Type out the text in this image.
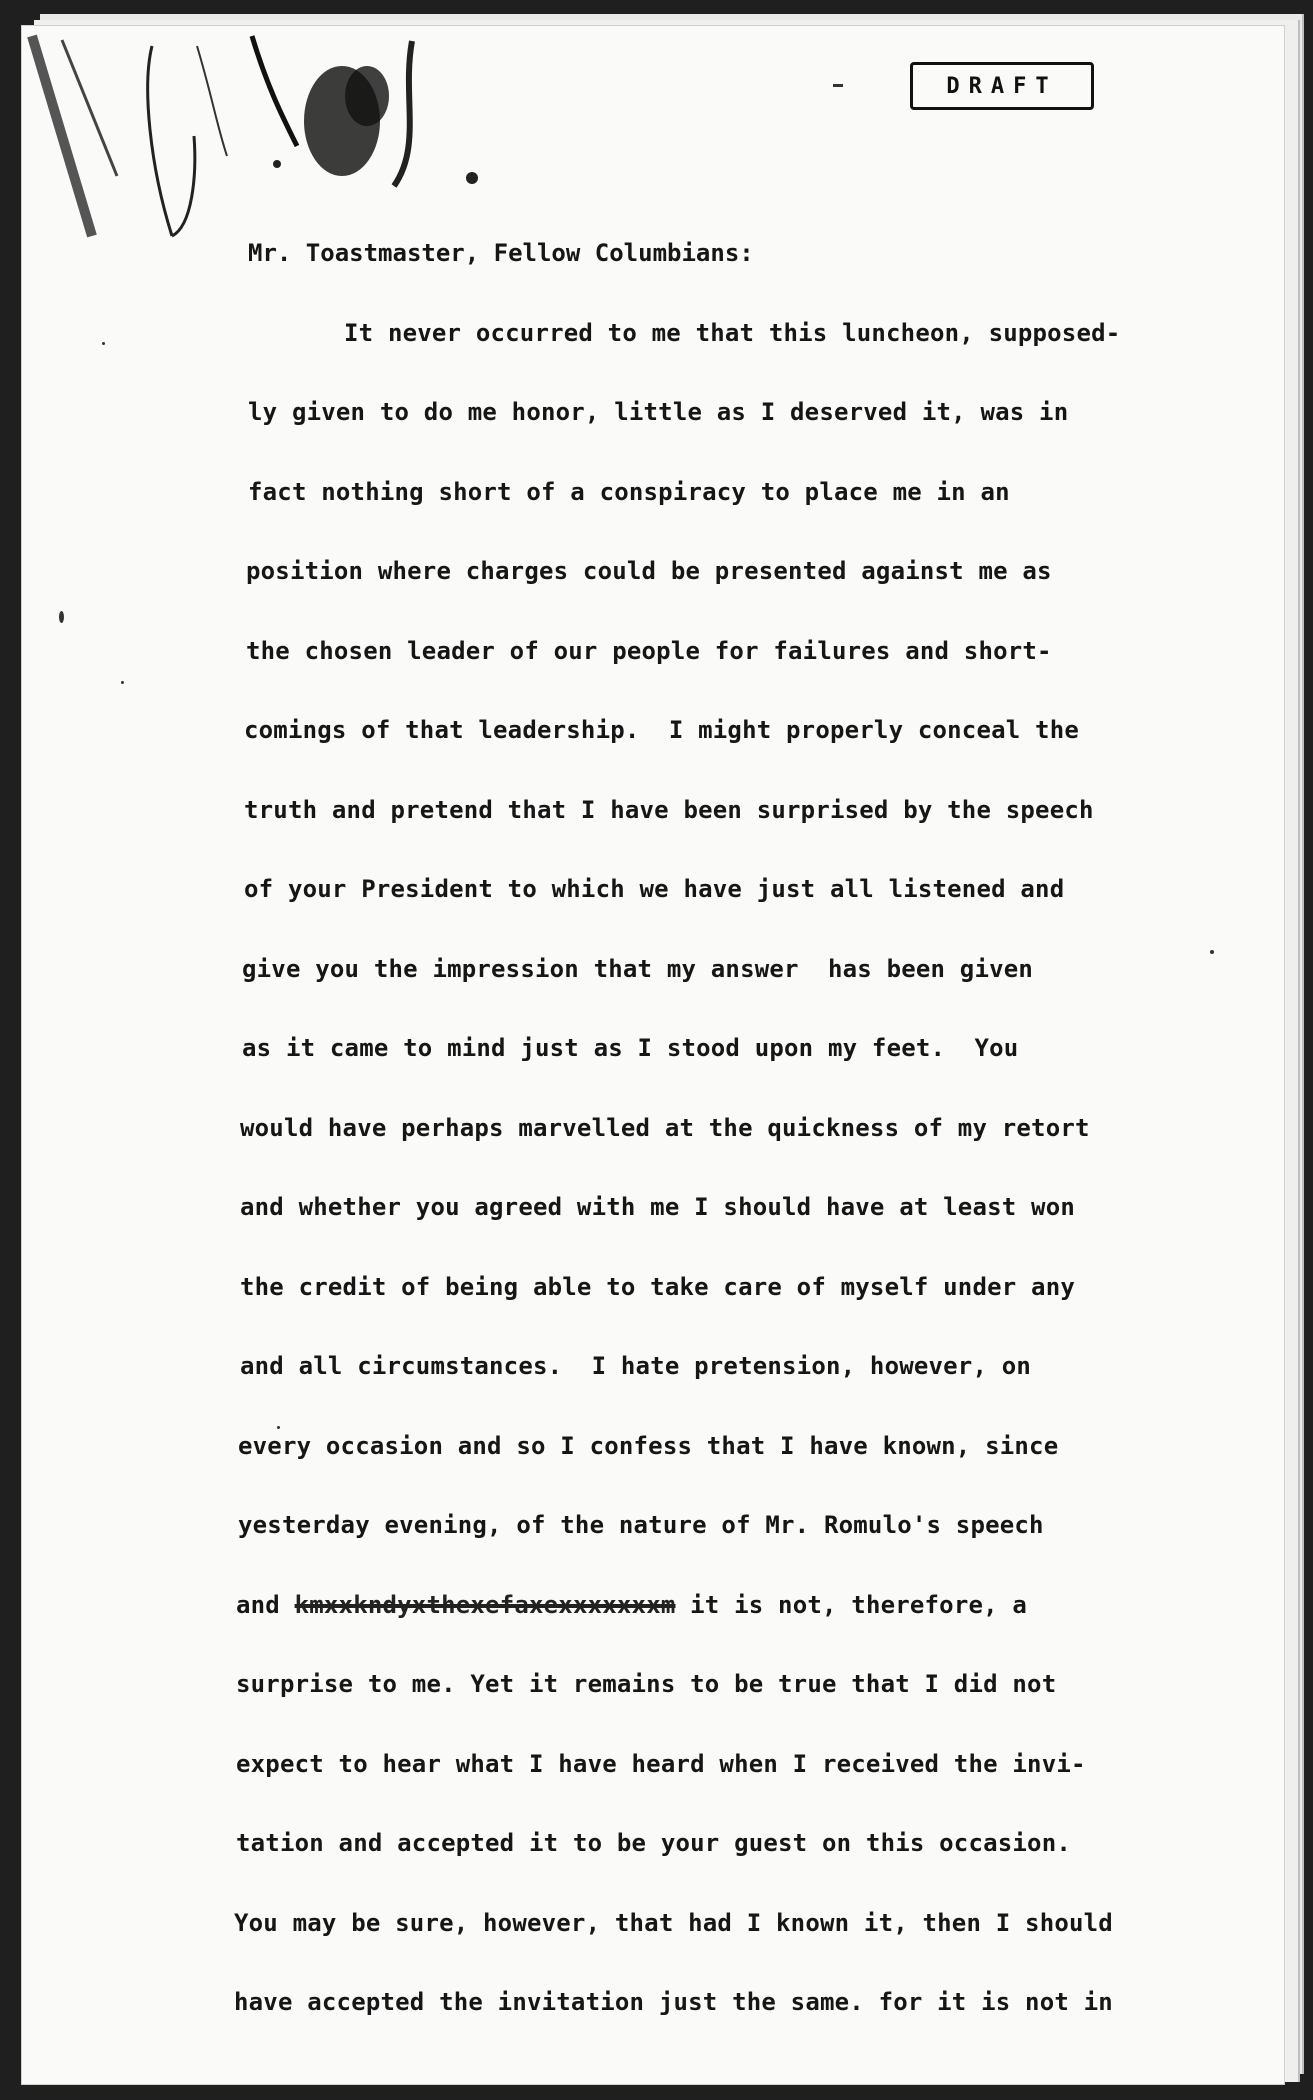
DRAFT
Mr. Toastmaster, Fellow Columbians:
It never occurred to me that this luncheon, supposed-
ly given to do me honor, little as I deserved it, was in
fact nothing short of a conspiracy to place me in an
position where charges could be presented against me as
the chosen leader of our people for failures and short-
comings of that leadership.  I might properly conceal the
truth and pretend that I have been surprised by the speech
of your President to which we have just all listened and
give you the impression that my answer  has been given
as it came to mind just as I stood upon my feet.  You
would have perhaps marvelled at the quickness of my retort
and whether you agreed with me I should have at least won
the credit of being able to take care of myself under any
and all circumstances.  I hate pretension, however, on
every occasion and so I confess that I have known, since
yesterday evening, of the nature of Mr. Romulo's speech
and kmxxkndyxthexefaxexxxxxxxm it is not, therefore, a
surprise to me. Yet it remains to be true that I did not
expect to hear what I have heard when I received the invi-
tation and accepted it to be your guest on this occasion.
You may be sure, however, that had I known it, then I should
have accepted the invitation just the same. for it is not in
